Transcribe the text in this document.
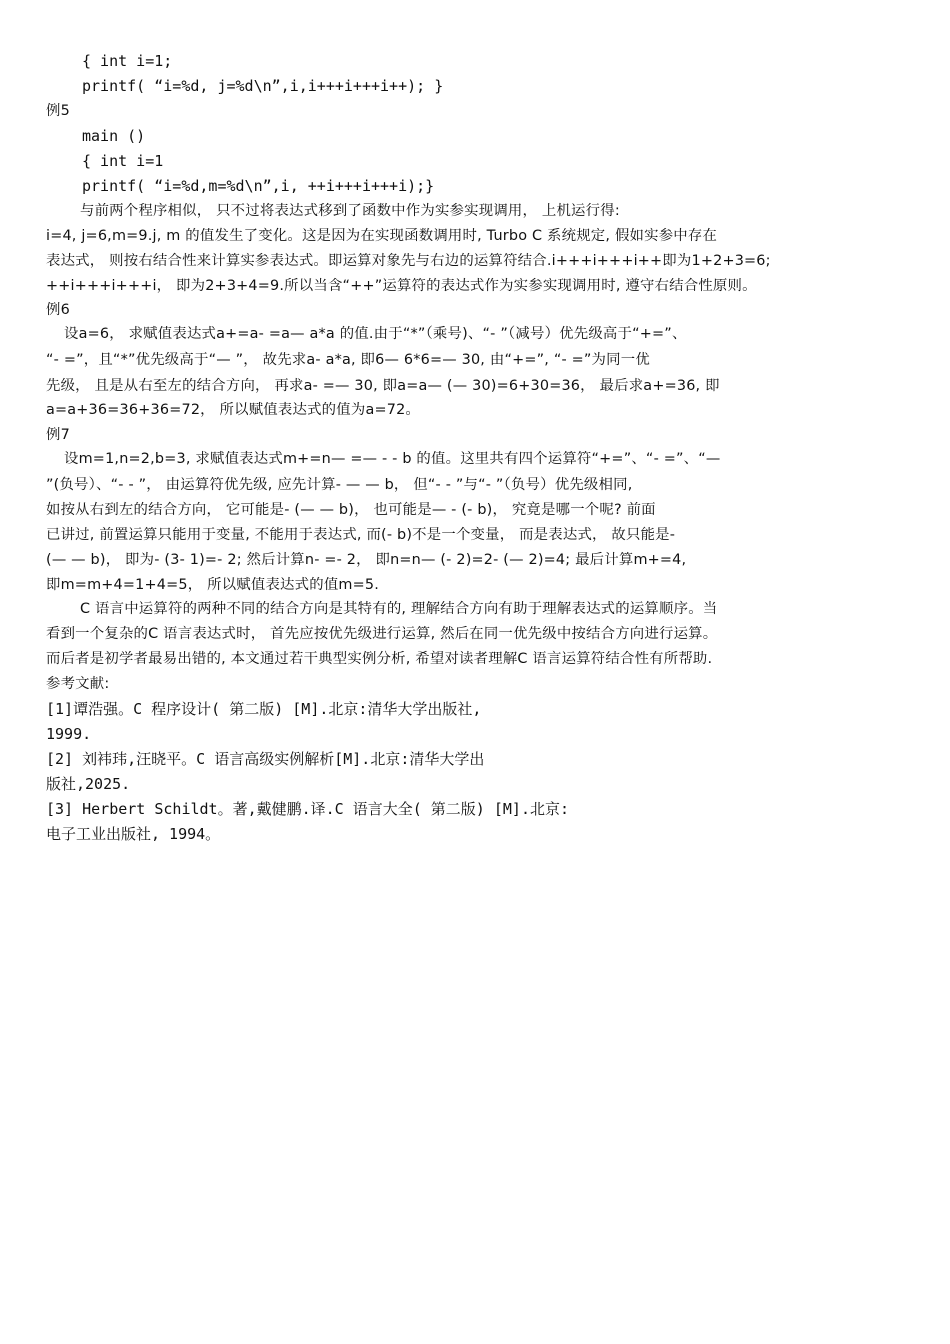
{ int i=1;

printf( “i=%d, j=%d\n”,i,i+++i+++i++); }

例5

main ()

{ int i=1

printf( “i=%d,m=%d\n”,i, ++i+++i+++i);}

与前两个程序相似， 只不过将表达式移到了函数中作为实参实现调用， 上机运行得:

i=4, j=6,m=9.j, m 的值发生了变化。这是因为在实现函数调用时, Turbo C 系统规定, 假如实参中存在

表达式， 则按右结合性来计算实参表达式。即运算对象先与右边的运算符结合.i+++i+++i++即为1+2+3=6;

++i+++i+++i， 即为2+3+4=9.所以当含“++”运算符的表达式作为实参实现调用时, 遵守右结合性原则。

例6

设a=6， 求赋值表达式a+=a- =a— a*a 的值.由于“*”（乘号)、“- ”（减号）优先级高于“+=”、

“- =”，且“*”优先级高于“— ”， 故先求a- a*a, 即6— 6*6=— 30, 由“+=”, “- =”为同一优

先级， 且是从右至左的结合方向， 再求a- =— 30, 即a=a— (— 30)=6+30=36， 最后求a+=36, 即

a=a+36=36+36=72， 所以赋值表达式的值为a=72。

例7

设m=1,n=2,b=3, 求赋值表达式m+=n— =— - - b 的值。这里共有四个运算符“+=”、“- =”、“—

”(负号）、“- - ”， 由运算符优先级, 应先计算- — — b， 但“- - ”与“- ”（负号）优先级相同,

如按从右到左的结合方向， 它可能是- (— — b)， 也可能是— - (- b)， 究竟是哪一个呢? 前面

已讲过, 前置运算只能用于变量, 不能用于表达式, 而(- b)不是一个变量， 而是表达式， 故只能是-

(— — b)， 即为- (3- 1)=- 2; 然后计算n- =- 2， 即n=n— (- 2)=2- (— 2)=4; 最后计算m+=4,

即m=m+4=1+4=5， 所以赋值表达式的值m=5.

C 语言中运算符的两种不同的结合方向是其特有的, 理解结合方向有助于理解表达式的运算顺序。当

看到一个复杂的C 语言表达式时， 首先应按优先级进行运算, 然后在同一优先级中按结合方向进行运算。

而后者是初学者最易出错的, 本文通过若干典型实例分析, 希望对读者理解C 语言运算符结合性有所帮助.

参考文献:

[1]谭浩强。C 程序设计( 第二版) [M].北京:清华大学出版社,

1999.

[2] 刘袆玮,汪晓平。C 语言高级实例解析[M].北京:清华大学出

版社,2025.

[3] Herbert Schildt。著,戴健鹏.译.C 语言大全( 第二版) [M].北京:

电子工业出版社, 1994。
